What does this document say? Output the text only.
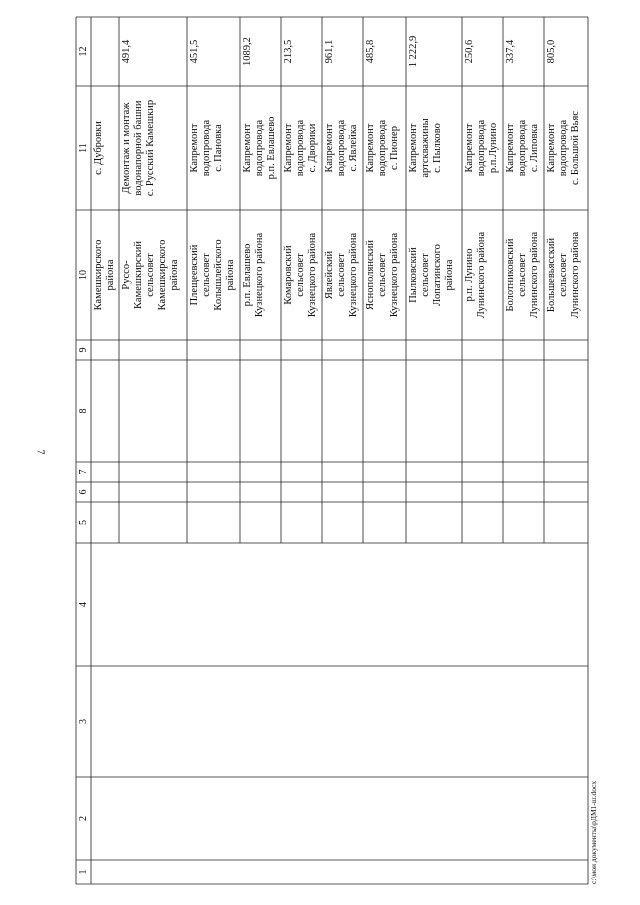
7
1
2
3
4
5
6
7
8
9
10
11
12
Камешкирского района
с. Дубровки
Руссо- Камешкирский сельсовет Камешкирского района
Демонтаж и монтаж водонапорной башни с. Русский Камешкир
491,4
Плещеевский сельсовет Колышлейского района
Капремонт водопровода с. Пановка
451,5
р.п. Евлашево Кузнецкого района
Капремонт водопровода р.п. Евлашево
1089,2
Комаровский сельсовет Кузнецкого района
Капремонт водопровода с. Дворики
213,5
Явлейский сельсовет Кузнецкого района
Капремонт водопровода с. Явлейка
961,1
Яснополянский сельсовет Кузнецкого района
Капремонт водопровода с. Пионер
485,8
Пылковский сельсовет Лопатинского района
Капремонт артскважины с. Пылково
1 222,9
р.п. Лунино Лунинского района
Капремонт водопровода р.п.Лунино
250,6
Болотниковский сельсовет Лунинского района
Капремонт водопровода с. Липовка
337,4
Большевьясский сельсовет Лунинского района
Капремонт водопровода с. Большой Вьяс
805,0
c:\мои документы\рДМ1-ш.docx
